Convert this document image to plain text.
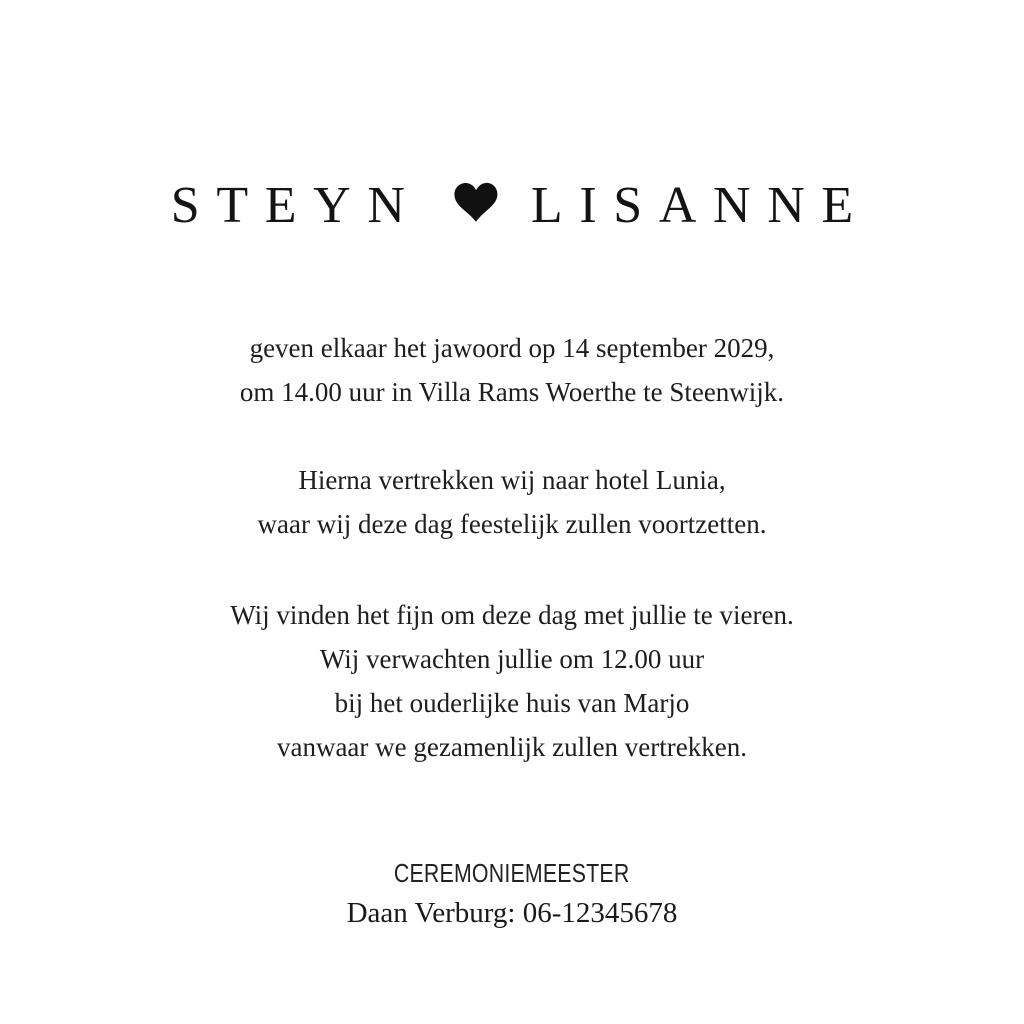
STEYN LISANNE
geven elkaar het jawoord op 14 september 2029,
om 14.00 uur in Villa Rams Woerthe te Steenwijk.
Hierna vertrekken wij naar hotel Lunia,
waar wij deze dag feestelijk zullen voortzetten.
Wij vinden het fijn om deze dag met jullie te vieren.
Wij verwachten jullie om 12.00 uur
bij het ouderlijke huis van Marjo
vanwaar we gezamenlijk zullen vertrekken.
CEREMONIEMEESTER
Daan Verburg: 06-12345678
